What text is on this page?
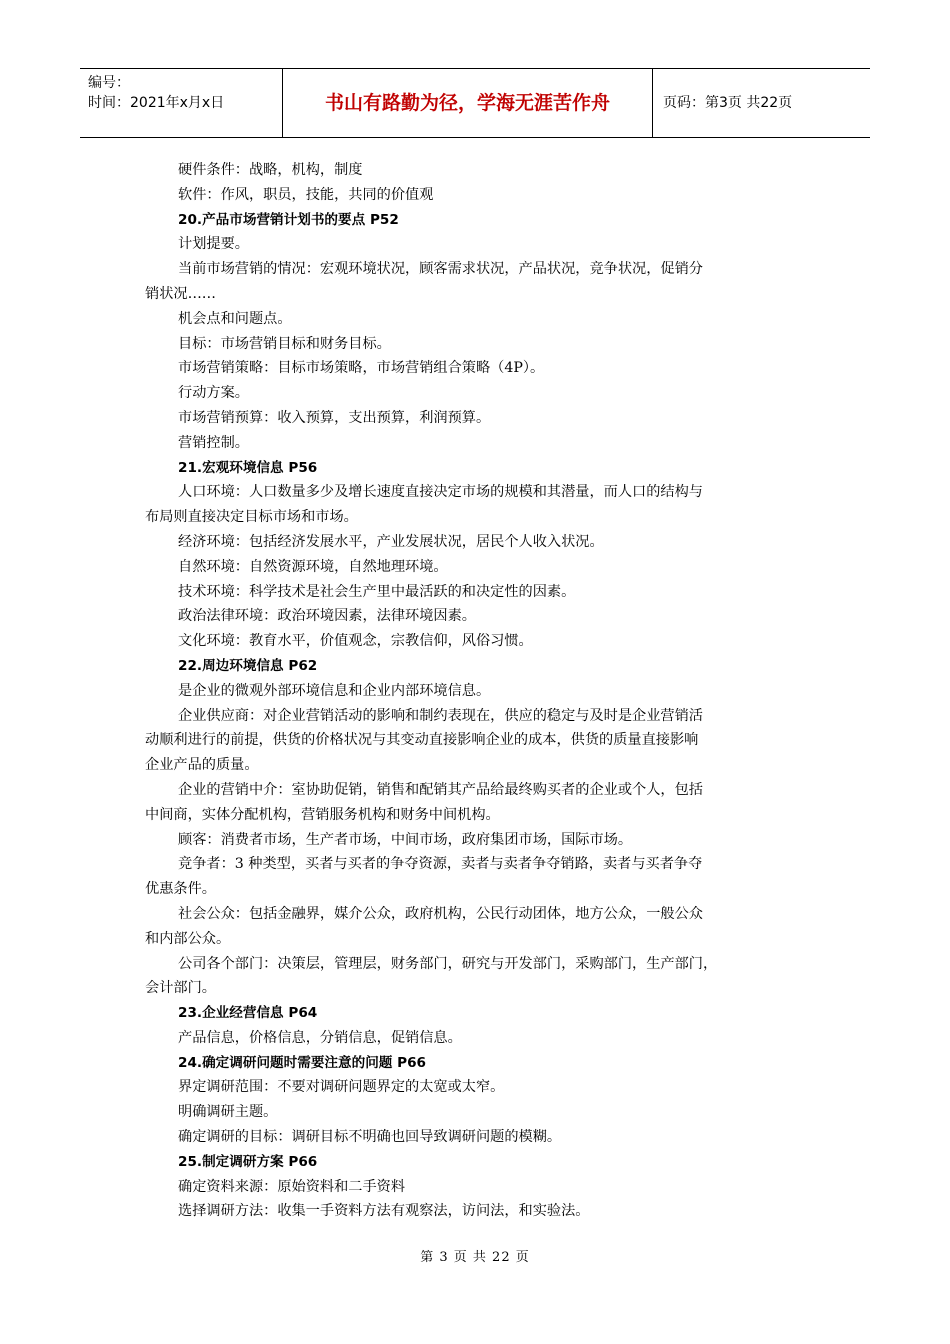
编号：
时间：2021年x月x日	书山有路勤为径，学海无涯苦作舟	页码：第3页 共22页
硬件条件：战略，机构，制度
软件：作风，职员，技能，共同的价值观
20.产品市场营销计划书的要点 P52
计划提要。
当前市场营销的情况：宏观环境状况，顾客需求状况，产品状况，竞争状况，促销分
销状况……
机会点和问题点。
目标：市场营销目标和财务目标。
市场营销策略：目标市场策略，市场营销组合策略（4P）。
行动方案。
市场营销预算：收入预算，支出预算，利润预算。
营销控制。
21.宏观环境信息 P56
人口环境：人口数量多少及增长速度直接决定市场的规模和其潜量，而人口的结构与
布局则直接决定目标市场和市场。
经济环境：包括经济发展水平，产业发展状况，居民个人收入状况。
自然环境：自然资源环境，自然地理环境。
技术环境：科学技术是社会生产里中最活跃的和决定性的因素。
政治法律环境：政治环境因素，法律环境因素。
文化环境：教育水平，价值观念，宗教信仰，风俗习惯。
22.周边环境信息 P62
是企业的微观外部环境信息和企业内部环境信息。
企业供应商：对企业营销活动的影响和制约表现在，供应的稳定与及时是企业营销活
动顺利进行的前提，供货的价格状况与其变动直接影响企业的成本，供货的质量直接影响
企业产品的质量。
企业的营销中介：室协助促销，销售和配销其产品给最终购买者的企业或个人，包括
中间商，实体分配机构，营销服务机构和财务中间机构。
顾客：消费者市场，生产者市场，中间市场，政府集团市场，国际市场。
竞争者：3 种类型，买者与买者的争夺资源，卖者与卖者争夺销路，卖者与买者争夺
优惠条件。
社会公众：包括金融界，媒介公众，政府机构，公民行动团体，地方公众，一般公众
和内部公众。
公司各个部门：决策层，管理层，财务部门，研究与开发部门，采购部门，生产部门，
会计部门。
23.企业经营信息 P64
产品信息，价格信息，分销信息，促销信息。
24.确定调研问题时需要注意的问题 P66
界定调研范围：不要对调研问题界定的太宽或太窄。
明确调研主题。
确定调研的目标：调研目标不明确也回导致调研问题的模糊。
25.制定调研方案 P66
确定资料来源：原始资料和二手资料
选择调研方法：收集一手资料方法有观察法，访问法，和实验法。
第 3 页 共 22 页
